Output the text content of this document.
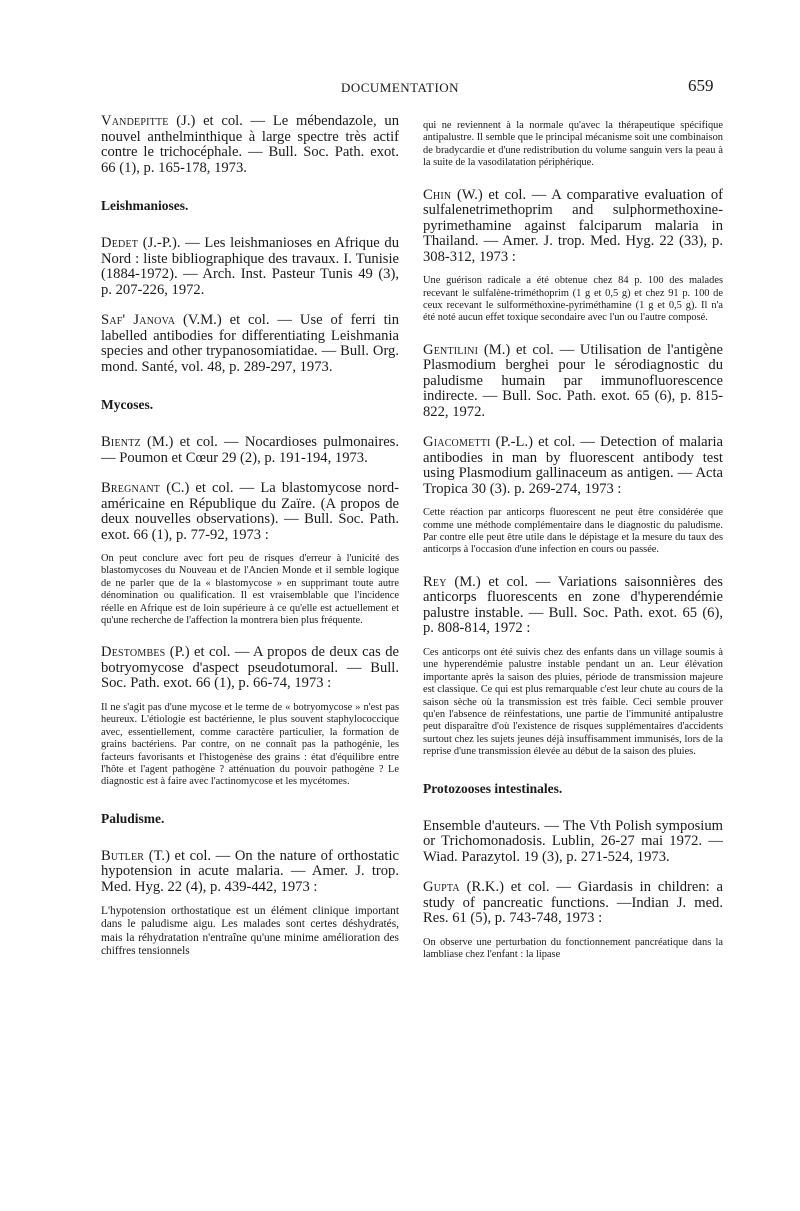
DOCUMENTATION	659

Vandepitte (J.) et col. — Le mébendazole, un nouvel anthelminthique à large spectre très actif contre le trichocéphale. — Bull. Soc. Path. exot. 66 (1), p. 165-178, 1973.

Leishmanioses.

Dedet (J.-P.). — Les leishmanioses en Afrique du Nord : liste bibliographique des travaux. I. Tunisie (1884-1972). — Arch. Inst. Pasteur Tunis 49 (3), p. 207-226, 1972.

Saf' Janova (V.M.) et col. — Use of ferri tin labelled antibodies for differentiating Leishmania species and other trypanosomiatidae. — Bull. Org. mond. Santé, vol. 48, p. 289-297, 1973.

Mycoses.

Bientz (M.) et col. — Nocardioses pulmonaires. — Poumon et Cœur 29 (2), p. 191-194, 1973.

Bregnant (C.) et col. — La blastomycose nord-américaine en République du Zaïre. (A propos de deux nouvelles observations). — Bull. Soc. Path. exot. 66 (1), p. 77-92, 1973 :

On peut conclure avec fort peu de risques d'erreur à l'unicité des blastomycoses du Nouveau et de l'Ancien Monde et il semble logique de ne parler que de la « blastomycose » en supprimant toute autre dénomination ou qualification. Il est vraisemblable que l'incidence réelle en Afrique est de loin supérieure à ce qu'elle est actuellement et qu'une recherche de l'affection la montrera bien plus fréquente.

Destombes (P.) et col. — A propos de deux cas de botryomycose d'aspect pseudotumoral. — Bull. Soc. Path. exot. 66 (1), p. 66-74, 1973 :

Il ne s'agit pas d'une mycose et le terme de « botryomycose » n'est pas heureux. L'étiologie est bactérienne, le plus souvent staphylococcique avec, essentiellement, comme caractère particulier, la formation de grains bactériens. Par contre, on ne connaît pas la pathogénie, les facteurs favorisants et l'histogenèse des grains : état d'équilibre entre l'hôte et l'agent pathogène ? atténuation du pouvoir pathogène ? Le diagnostic est à faire avec l'actinomycose et les mycétomes.

Paludisme.

Butler (T.) et col. — On the nature of orthostatic hypotension in acute malaria. — Amer. J. trop. Med. Hyg. 22 (4), p. 439-442, 1973 :

L'hypotension orthostatique est un élément clinique important dans le paludisme aigu. Les malades sont certes déshydratés, mais la réhydratation n'entraîne qu'une minime amélioration des chiffres tensionnels

qui ne reviennent à la normale qu'avec la thérapeutique spécifique antipalustre. Il semble que le principal mécanisme soit une combinaison de bradycardie et d'une redistribution du volume sanguin vers la peau à la suite de la vasodilatation périphérique.

Chin (W.) et col. — A comparative evaluation of sulfalenetrimethoprim and sulphormethoxine-pyrimethamine against falciparum malaria in Thailand. — Amer. J. trop. Med. Hyg. 22 (33), p. 308-312, 1973 :

Une guérison radicale a été obtenue chez 84 p. 100 des malades recevant le sulfalène-triméthoprim (1 g et 0,5 g) et chez 91 p. 100 de ceux recevant le sulforméthoxine-pyriméthamine (1 g et 0,5 g). Il n'a été noté aucun effet toxique secondaire avec l'un ou l'autre composé.

Gentilini (M.) et col. — Utilisation de l'antigène Plasmodium berghei pour le sérodiagnostic du paludisme humain par immunofluorescence indirecte. — Bull. Soc. Path. exot. 65 (6), p. 815-822, 1972.

Giacometti (P.-L.) et col. — Detection of malaria antibodies in man by fluorescent antibody test using Plasmodium gallinaceum as antigen. — Acta Tropica 30 (3). p. 269-274, 1973 :

Cette réaction par anticorps fluorescent ne peut être considérée que comme une méthode complémentaire dans le diagnostic du paludisme. Par contre elle peut être utile dans le dépistage et la mesure du taux des anticorps à l'occasion d'une infection en cours ou passée.

Rey (M.) et col. — Variations saisonnières des anticorps fluorescents en zone d'hyperendémie palustre instable. — Bull. Soc. Path. exot. 65 (6), p. 808-814, 1972 :

Ces anticorps ont été suivis chez des enfants dans un village soumis à une hyperendémie palustre instable pendant un an. Leur élévation importante après la saison des pluies, période de transmission majeure est classique. Ce qui est plus remarquable c'est leur chute au cours de la saison sèche où la transmission est très faible. Ceci semble prouver qu'en l'absence de réinfestations, une partie de l'immunité antipalustre peut disparaître d'où l'existence de risques supplémentaires d'accidents surtout chez les sujets jeunes déjà insuffisamment immunisés, lors de la reprise d'une transmission élevée au début de la saison des pluies.

Protozooses intestinales.

Ensemble d'auteurs. — The Vth Polish symposium or Trichomonadosis. Lublin, 26-27 mai 1972. — Wiad. Parazytol. 19 (3), p. 271-524, 1973.

Gupta (R.K.) et col. — Giardasis in children: a study of pancreatic functions. —Indian J. med. Res. 61 (5), p. 743-748, 1973 :

On observe une perturbation du fonctionnement pancréatique dans la lambliase chez l'enfant : la lipase
